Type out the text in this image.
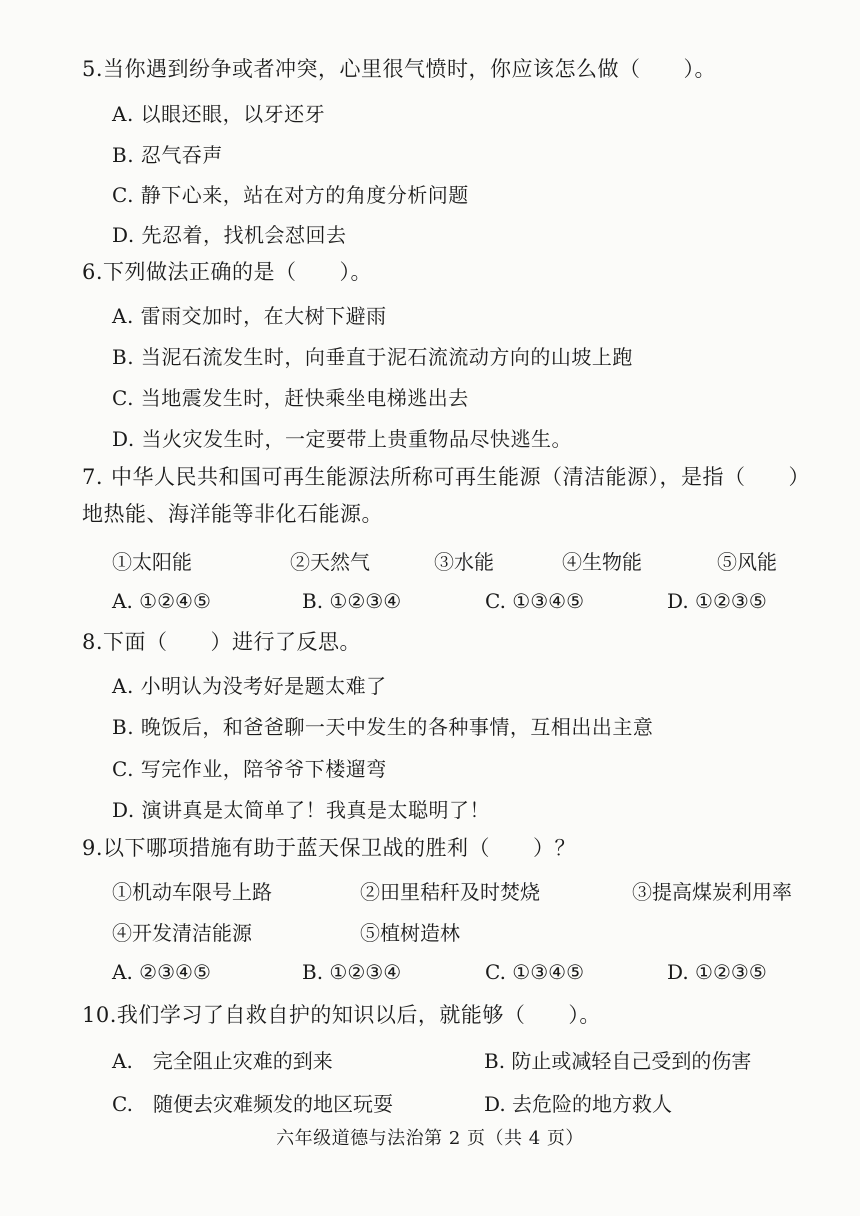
5.当你遇到纷争或者冲突，心里很气愤时，你应该怎么做（　　）。
A. 以眼还眼，以牙还牙
B. 忍气吞声
C. 静下心来，站在对方的角度分析问题
D. 先忍着，找机会怼回去
6.下列做法正确的是（　　）。
A. 雷雨交加时，在大树下避雨
B. 当泥石流发生时，向垂直于泥石流流动方向的山坡上跑
C. 当地震发生时，赶快乘坐电梯逃出去
D. 当火灾发生时，一定要带上贵重物品尽快逃生。
7. 中华人民共和国可再生能源法所称可再生能源（清洁能源），是指（　　）地热能、海洋能等非化石能源。
①太阳能	②天然气	③水能	④生物能	⑤风能
A. ①②④⑤	B. ①②③④	C. ①③④⑤	D. ①②③⑤
8.下面（　　）进行了反思。
A. 小明认为没考好是题太难了
B. 晚饭后，和爸爸聊一天中发生的各种事情，互相出出主意
C. 写完作业，陪爷爷下楼遛弯
D. 演讲真是太简单了！我真是太聪明了！
9.以下哪项措施有助于蓝天保卫战的胜利（　　）？
①机动车限号上路	②田里秸秆及时焚烧	③提高煤炭利用率
④开发清洁能源	⑤植树造林
A. ②③④⑤	B. ①②③④	C. ①③④⑤	D. ①②③⑤
10.我们学习了自救自护的知识以后，就能够（　　）。
A.　完全阻止灾难的到来	B. 防止或减轻自己受到的伤害
C.　随便去灾难频发的地区玩耍	D. 去危险的地方救人
六年级道德与法治第 2 页（共 4 页）
